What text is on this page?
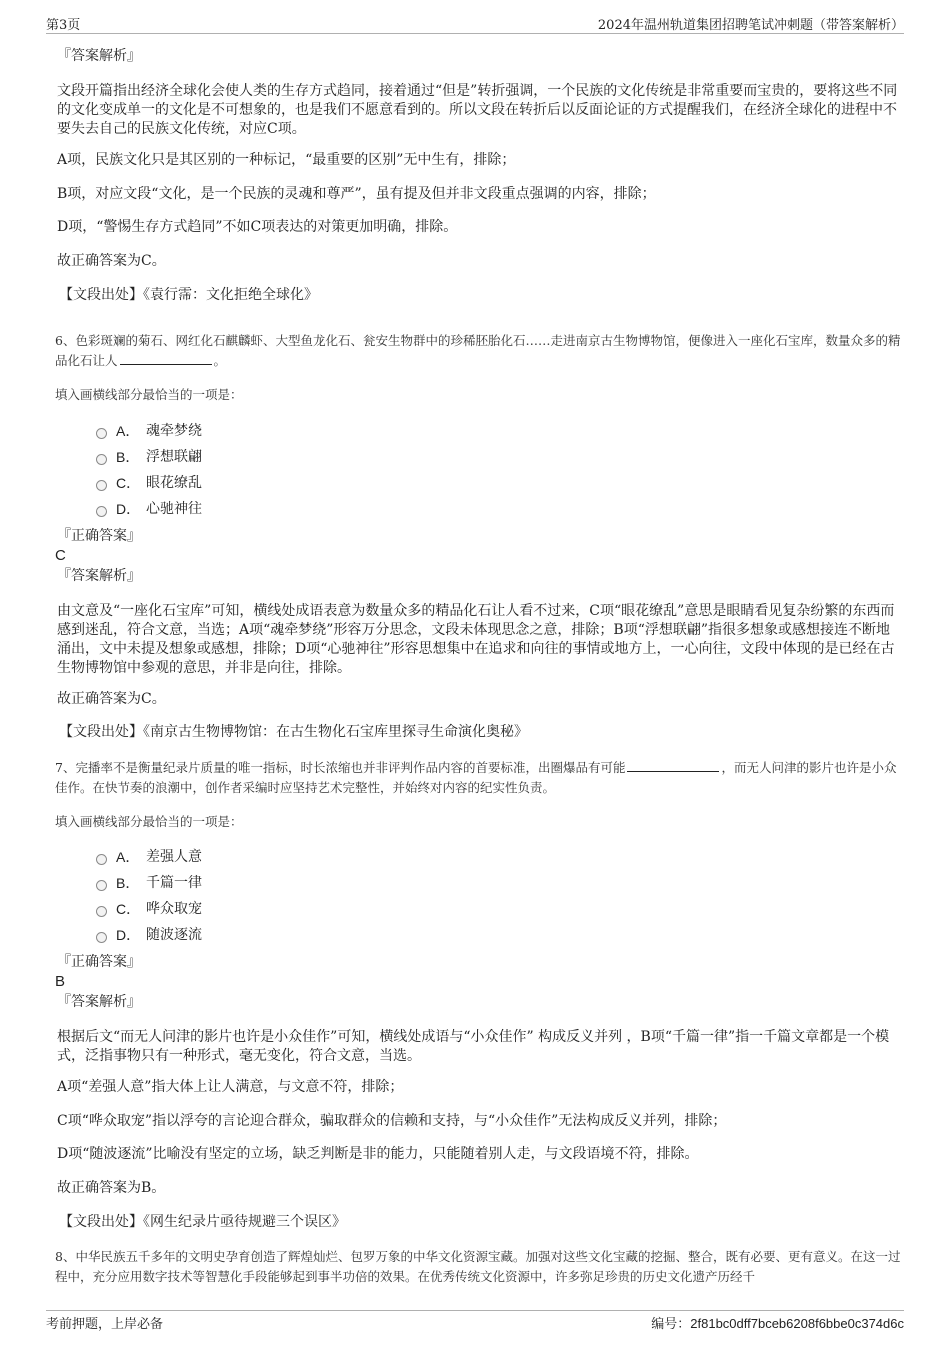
第3页	2024年温州轨道集团招聘笔试冲刺题（带答案解析）
『答案解析』
文段开篇指出经济全球化会使人类的生存方式趋同，接着通过“但是”转折强调，一个民族的文化传统是非常重要而宝贵的，要将这些不同的文化变成单一的文化是不可想象的，也是我们不愿意看到的。所以文段在转折后以反面论证的方式提醒我们，在经济全球化的进程中不要失去自己的民族文化传统，对应C项。
A项，民族文化只是其区别的一种标记，“最重要的区别”无中生有，排除；
B项，对应文段“文化，是一个民族的灵魂和尊严”，虽有提及但并非文段重点强调的内容，排除；
D项，“警惕生存方式趋同”不如C项表达的对策更加明确，排除。
故正确答案为C。
【文段出处】《袁行霈：文化拒绝全球化》
6、色彩斑斓的菊石、网红化石麒麟虾、大型鱼龙化石、瓮安生物群中的珍稀胚胎化石……走进南京古生物博物馆，便像进入一座化石宝库，数量众多的精品化石让人	。
填入画横线部分最恰当的一项是：
A． 魂牵梦绕
B． 浮想联翩
C． 眼花缭乱
D． 心驰神往
『正确答案』
C
『答案解析』
由文意及“一座化石宝库”可知，横线处成语表意为数量众多的精品化石让人看不过来，C项“眼花缭乱”意思是眼睛看见复杂纷繁的东西而感到迷乱，符合文意，当选；A项“魂牵梦绕”形容万分思念，文段未体现思念之意，排除；B项“浮想联翩”指很多想象或感想接连不断地涌出，文中未提及想象或感想，排除；D项“心驰神往”形容思想集中在追求和向往的事情或地方上，一心向往，文段中体现的是已经在古生物博物馆中参观的意思，并非是向往，排除。
故正确答案为C。
【文段出处】《南京古生物博物馆：在古生物化石宝库里探寻生命演化奥秘》
7、完播率不是衡量纪录片质量的唯一指标，时长浓缩也并非评判作品内容的首要标准，出圈爆品有可能	，而无人问津的影片也许是小众佳作。在快节奏的浪潮中，创作者采编时应坚持艺术完整性，并始终对内容的纪实性负责。
填入画横线部分最恰当的一项是：
A． 差强人意
B． 千篇一律
C． 哗众取宠
D． 随波逐流
『正确答案』
B
『答案解析』
根据后文“而无人问津的影片也许是小众佳作”可知，横线处成语与“小众佳作” 构成反义并列 ，B项“千篇一律”指一千篇文章都是一个模式，泛指事物只有一种形式，毫无变化，符合文意，当选。
A项“差强人意”指大体上让人满意，与文意不符，排除；
C项“哗众取宠”指以浮夸的言论迎合群众，骗取群众的信赖和支持，与“小众佳作”无法构成反义并列，排除；
D项“随波逐流”比喻没有坚定的立场，缺乏判断是非的能力，只能随着别人走，与文段语境不符，排除。
故正确答案为B。
【文段出处】《网生纪录片亟待规避三个误区》
8、中华民族五千多年的文明史孕育创造了辉煌灿烂、包罗万象的中华文化资源宝藏。加强对这些文化宝藏的挖掘、整合，既有必要、更有意义。在这一过程中，充分应用数字技术等智慧化手段能够起到事半功倍的效果。在优秀传统文化资源中，许多弥足珍贵的历史文化遗产历经千
考前押题，上岸必备	编号：2f81bc0dff7bceb6208f6bbe0c374d6c
